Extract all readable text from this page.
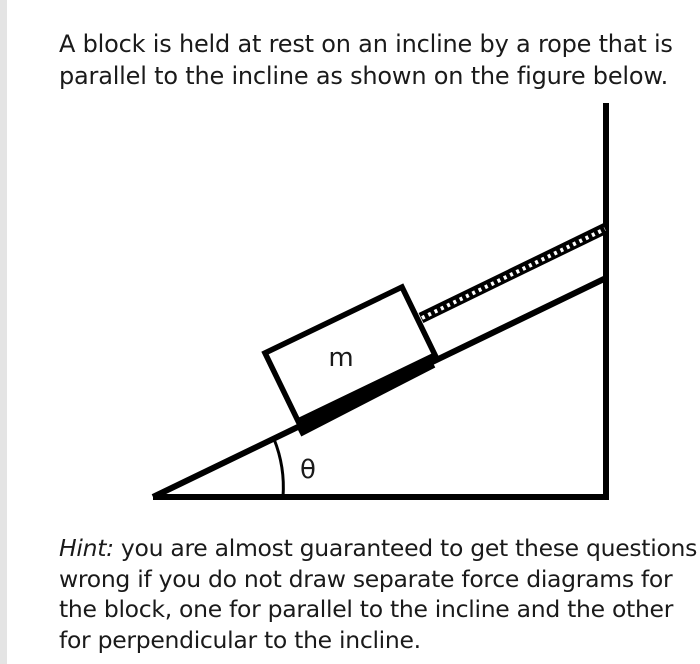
A block is held at rest on an incline by a rope that is parallel to the incline as shown on the figure below.

m
θ

Hint: you are almost guaranteed to get these questions wrong if you do not draw separate force diagrams for the block, one for parallel to the incline and the other for perpendicular to the incline.
